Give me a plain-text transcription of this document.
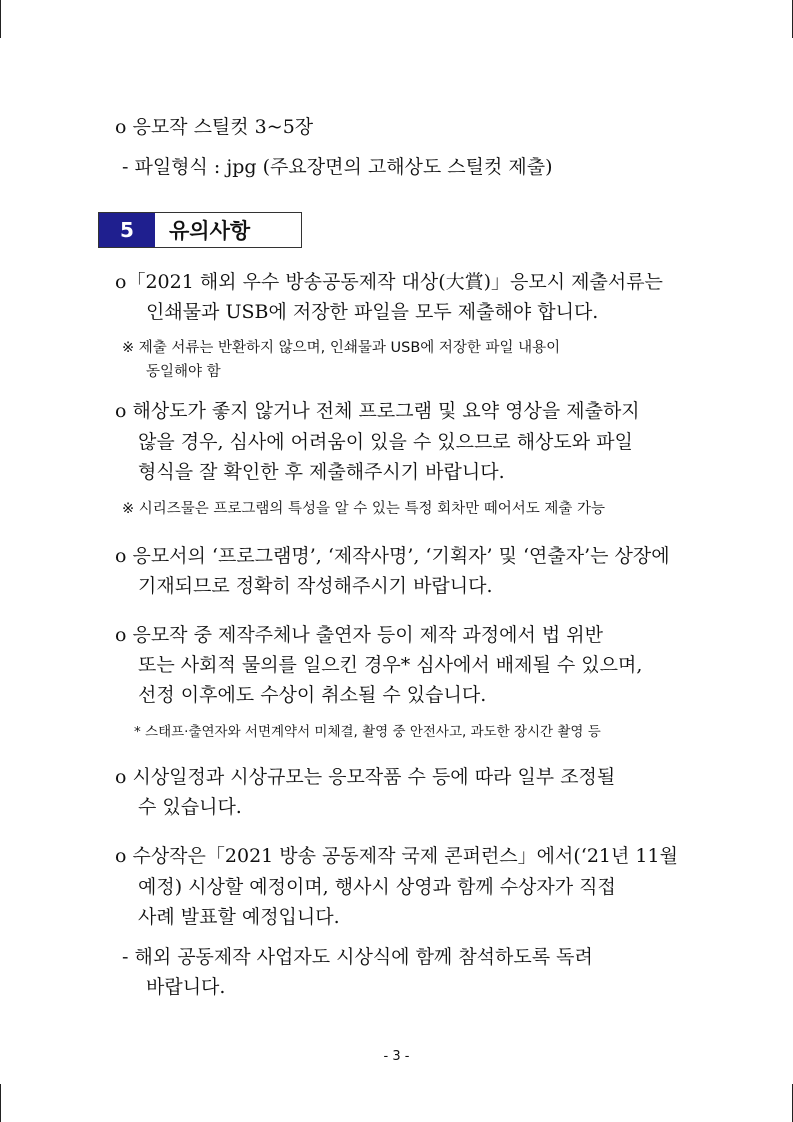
o 응모작 스틸컷 3~5장
- 파일형식 : jpg (주요장면의 고해상도 스틸컷 제출)
5	유의사항
o「2021 해외 우수 방송공동제작 대상(大賞)」응모시 제출서류는
인쇄물과 USB에 저장한 파일을 모두 제출해야 합니다.
※ 제출 서류는 반환하지 않으며, 인쇄물과 USB에 저장한 파일 내용이
동일해야 함
o 해상도가 좋지 않거나 전체 프로그램 및 요약 영상을 제출하지
않을 경우, 심사에 어려움이 있을 수 있으므로 해상도와 파일
형식을 잘 확인한 후 제출해주시기 바랍니다.
※ 시리즈물은 프로그램의 특성을 알 수 있는 특정 회차만 떼어서도 제출 가능
o 응모서의 ‘프로그램명’, ‘제작사명’, ‘기획자’ 및 ‘연출자’는 상장에
기재되므로 정확히 작성해주시기 바랍니다.
o 응모작 중 제작주체나 출연자 등이 제작 과정에서 법 위반
또는 사회적 물의를 일으킨 경우* 심사에서 배제될 수 있으며,
선정 이후에도 수상이 취소될 수 있습니다.
* 스태프·출연자와 서면계약서 미체결, 촬영 중 안전사고, 과도한 장시간 촬영 등
o 시상일정과 시상규모는 응모작품 수 등에 따라 일부 조정될
수 있습니다.
o 수상작은「2021 방송 공동제작 국제 콘퍼런스」에서(‘21년 11월
예정) 시상할 예정이며, 행사시 상영과 함께 수상자가 직접
사례 발표할 예정입니다.
- 해외 공동제작 사업자도 시상식에 함께 참석하도록 독려
바랍니다.
- 3 -
